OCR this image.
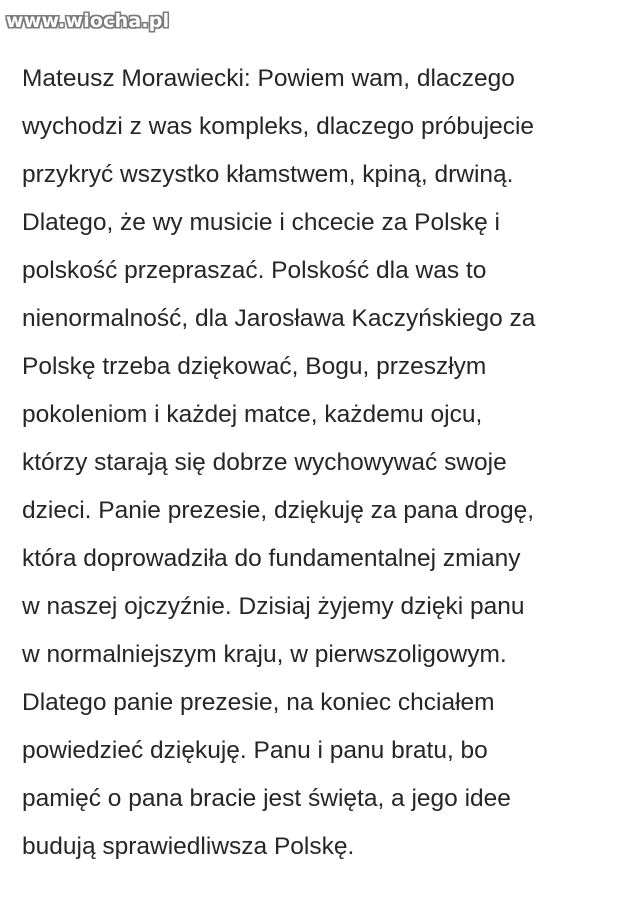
www.wiocha.pl

Mateusz Morawiecki: Powiem wam, dlaczego
wychodzi z was kompleks, dlaczego próbujecie
przykryć wszystko kłamstwem, kpiną, drwiną.
Dlatego, że wy musicie i chcecie za Polskę i
polskość przepraszać. Polskość dla was to
nienormalność, dla Jarosława Kaczyńskiego za
Polskę trzeba dziękować, Bogu, przeszłym
pokoleniom i każdej matce, każdemu ojcu,
którzy starają się dobrze wychowywać swoje
dzieci. Panie prezesie, dziękuję za pana drogę,
która doprowadziła do fundamentalnej zmiany
w naszej ojczyźnie. Dzisiaj żyjemy dzięki panu
w normalniejszym kraju, w pierwszoligowym.
Dlatego panie prezesie, na koniec chciałem
powiedzieć dziękuję. Panu i panu bratu, bo
pamięć o pana bracie jest święta, a jego idee
budują sprawiedliwsza Polskę.
